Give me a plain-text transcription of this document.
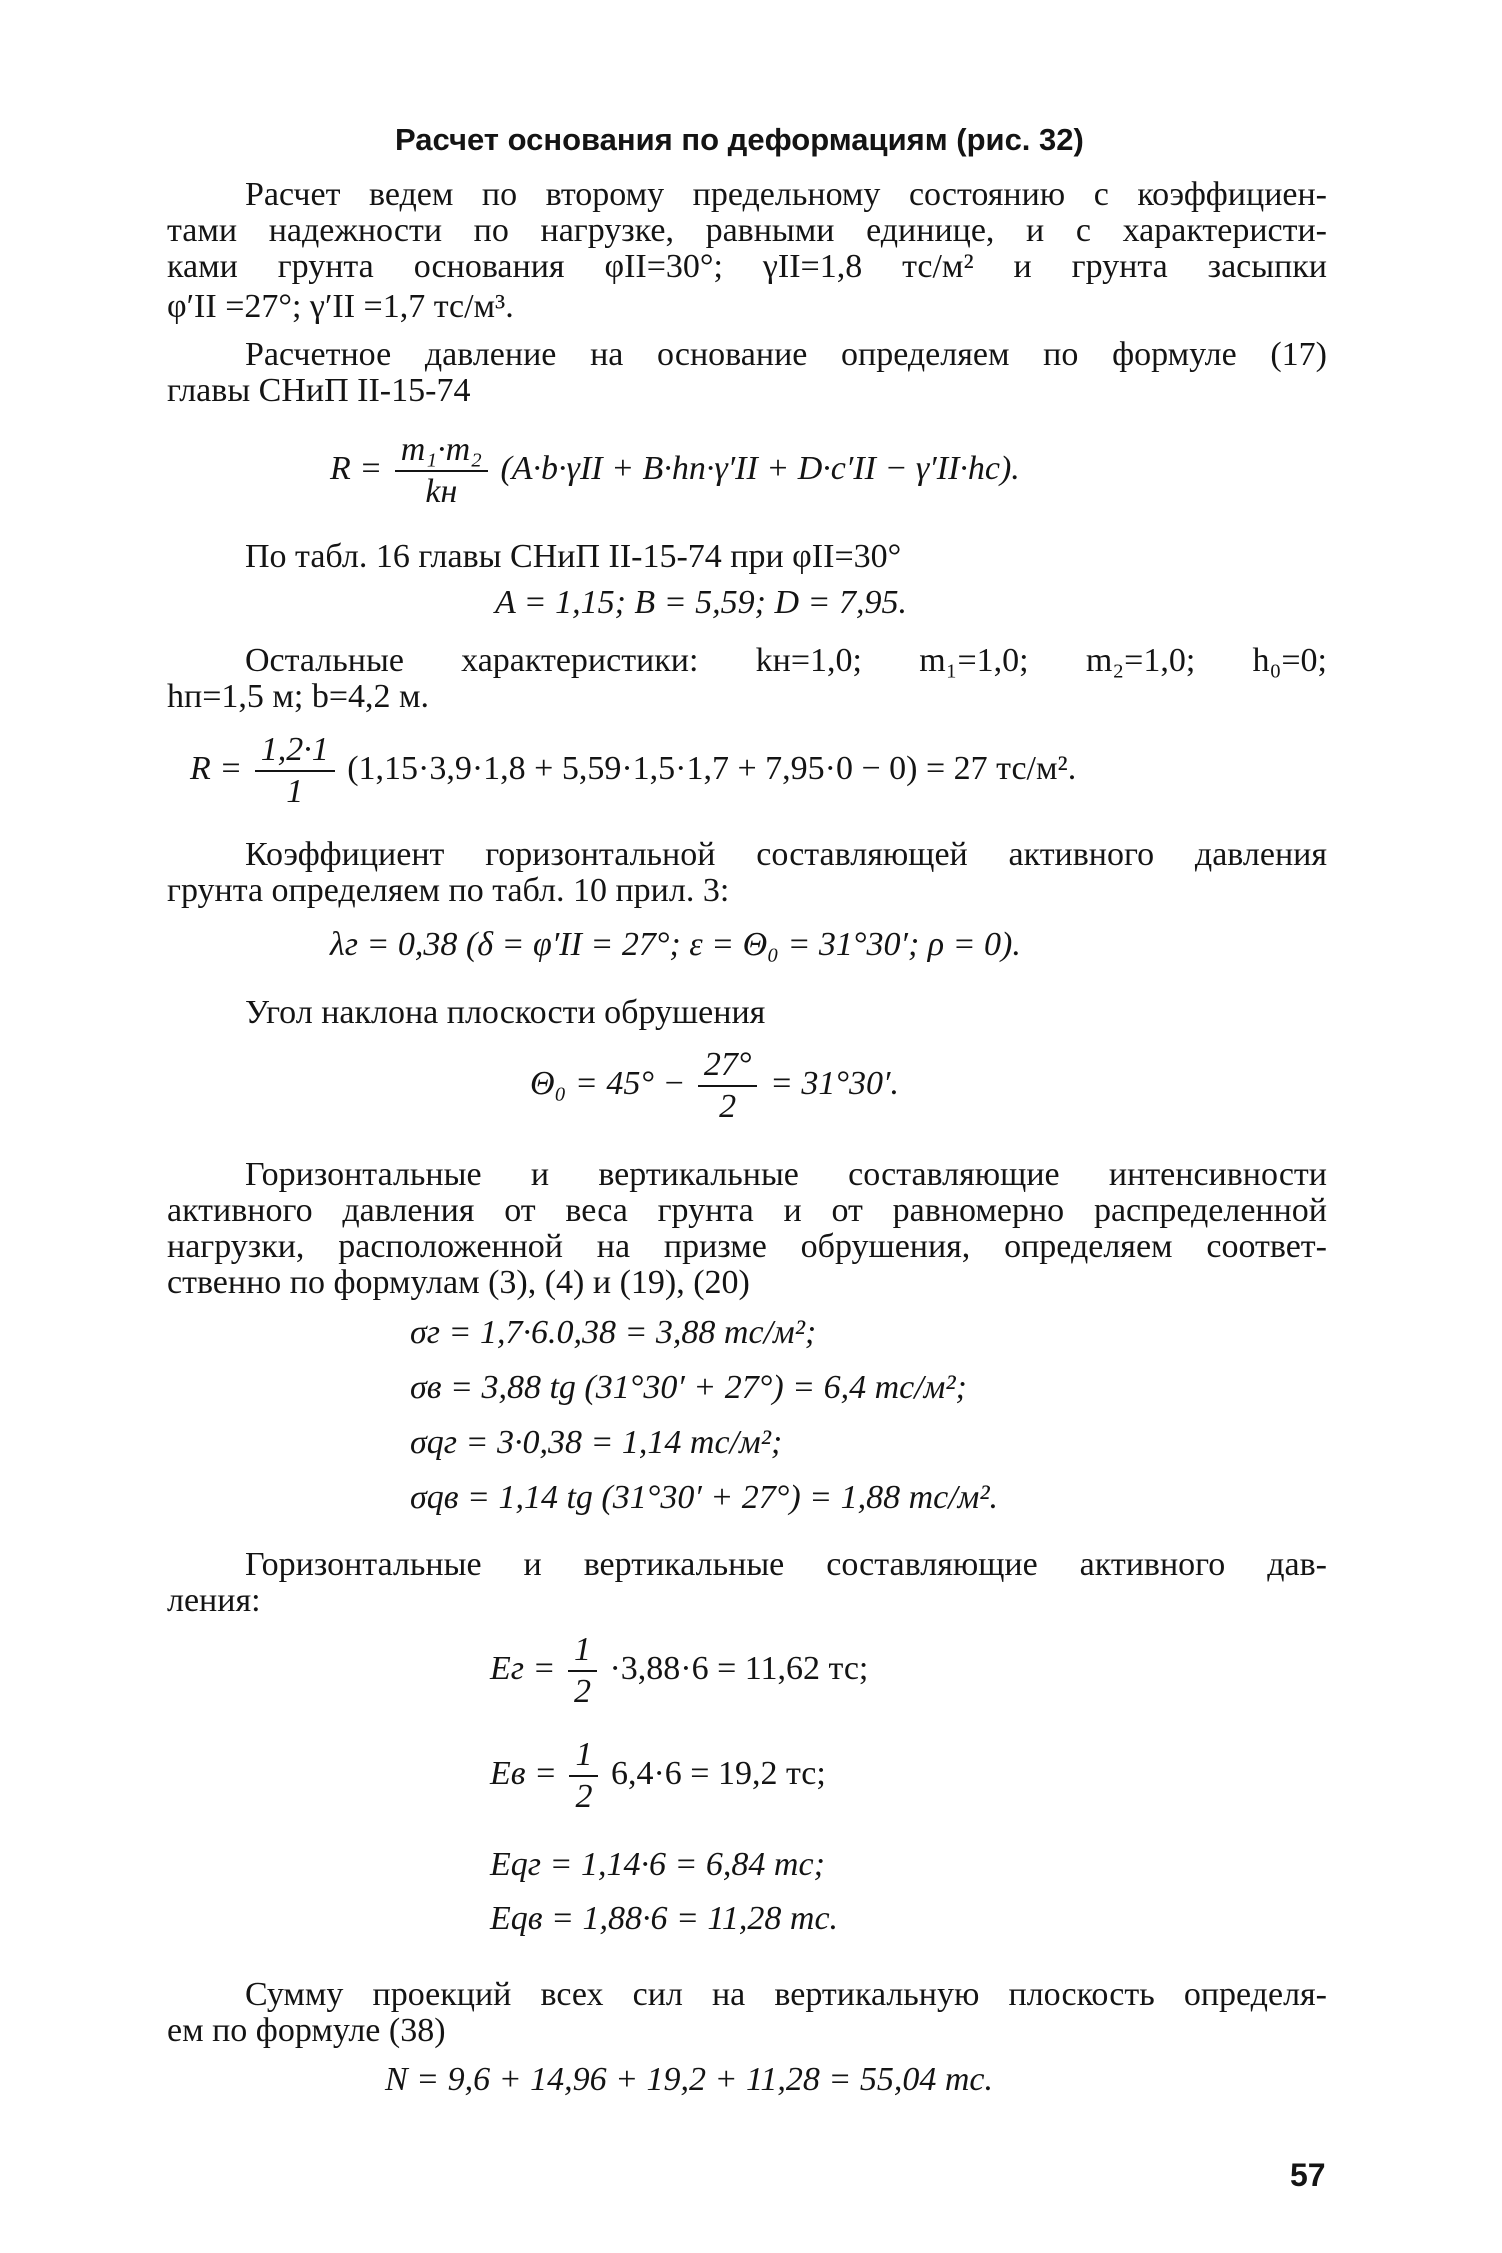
Расчет основания по деформациям (рис. 32)
Расчет ведем по второму предельному состоянию с коэффициен-
тами надежности по нагрузке, равными единице, и с характеристи-
ками грунта основания φII=30°; γII=1,8 тс/м² и грунта засыпки
φ′II =27°; γ′II =1,7 тс/м³.
Расчетное давление на основание определяем по формуле (17)
главы СНиП II-15-74
$R = \frac{\text{m₁·m₂}}{kн} (A\cdot b\cdot\gamma II + B\cdot hп\cdot\gamma'II + D\cdot c'II - \gamma'II\cdot hc)$.
По табл. 16 главы СНиП II-15-74 при φII=30°
A = 1,15; B = 5,59; D = 7,95.
Остальные характеристики: kн=1,0; m₁=1,0; m₂=1,0; h₀=0;
hп=1,5 м; b=4,2 м.
$R = \frac{1,2\cdot 1}{1} (1,15\cdot 3,9\cdot 1,8 + 5,59\cdot 1,5\cdot 1,7 + 7,95\cdot 0 - 0) = 27$ тс/м².
Коэффициент горизонтальной составляющей активного давления
грунта определяем по табл. 10 прил. 3:
λг = 0,38 (δ = φ′II = 27°; ε = Θ₀ = 31°30′; ρ = 0).
Угол наклона плоскости обрушения
$\Theta_0 = 45^\circ - \frac{27^\circ}{2} = 31^\circ 30'$.
Горизонтальные и вертикальные составляющие интенсивности
активного давления от веса грунта и от равномерно распределенной
нагрузки, расположенной на призме обрушения, определяем соответ-
ственно по формулам (3), (4) и (19), (20)
σг = 1,7·6.0,38 = 3,88 тс/м²;
σв = 3,88 tg (31°30′ + 27°) = 6,4 тс/м²;
σqг = 3·0,38 = 1,14 тс/м²;
σqв = 1,14 tg (31°30′ + 27°) = 1,88 тс/м².
Горизонтальные и вертикальные составляющие активного дав-
ления:
Eг = $\frac{1}{2} \cdot 3,88\cdot 6 = 11,62$ тс;
Eв = $\frac{1}{2} 6,4\cdot 6 = 19,2$ тс;
Eqг = 1,14·6 = 6,84 тс;
Eqв = 1,88·6 = 11,28 тс.
Сумму проекций всех сил на вертикальную плоскость определя-
ем по формуле (38)
N = 9,6 + 14,96 + 19,2 + 11,28 = 55,04 тс.
57
